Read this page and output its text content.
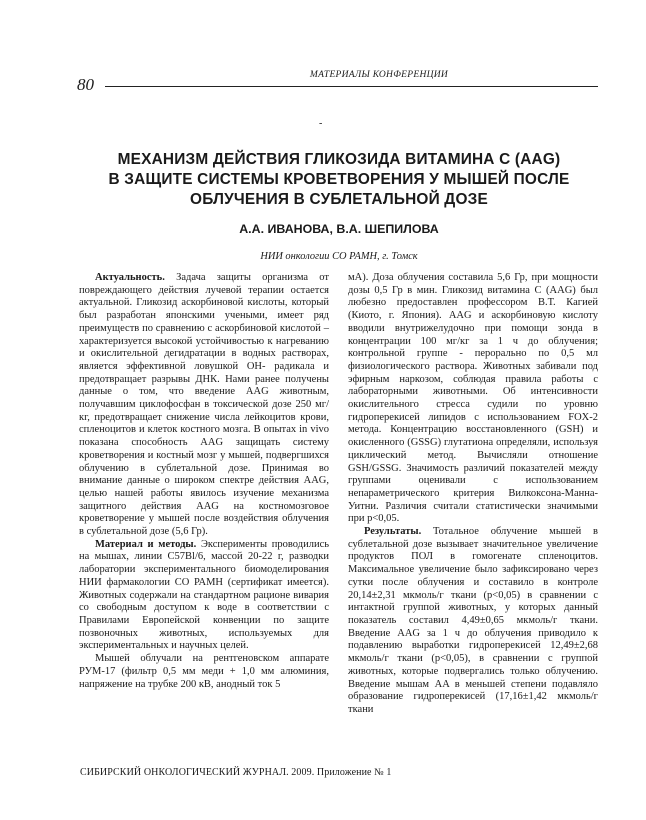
80	МАТЕРИАЛЫ КОНФЕРЕНЦИИ
-
МЕХАНИЗМ ДЕЙСТВИЯ ГЛИКОЗИДА ВИТАМИНА С (AAG)
В ЗАЩИТЕ СИСТЕМЫ КРОВЕТВОРЕНИЯ У МЫШЕЙ ПОСЛЕ
ОБЛУЧЕНИЯ В СУБЛЕТАЛЬНОЙ ДОЗЕ
А.А. ИВАНОВА, В.А. ШЕПИЛОВА
НИИ онкологии СО РАМН, г. Томск

Актуальность. Задача защиты организма от повреждающего действия лучевой терапии остается актуальной. Гликозид аскорбиновой кислоты, который был разработан японскими учеными, имеет ряд преимуществ по сравнению с аскорбиновой кислотой – характеризуется высокой устойчивостью к нагреванию и окислительной дегидратации в водных растворах, является эффективной ловушкой ОН- радикала и предотвращает разрывы ДНК. Нами ранее получены данные о том, что введение AAG животным, получавшим циклофосфан в токсической дозе 250 мг/кг, предотвращает снижение числа лейкоцитов крови, спленоцитов и клеток костного мозга. В опытах in vivo показана способность AAG защищать систему кроветворения и костный мозг у мышей, подвергшихся облучению в сублетальной дозе. Принимая во внимание данные о широком спектре действия AAG, целью нашей работы явилось изучение механизма защитного действия AAG на костномозговое кроветворение у мышей после воздействия облучения в сублетальной дозе (5,6 Гр).

Материал и методы. Эксперименты проводились на мышах, линии C57Bl/6, массой 20-22 г, разводки лаборатории экспериментального биомоделирования НИИ фармакологии СО РАМН (сертификат имеется). Животных содержали на стандартном рационе вивария со свободным доступом к воде в соответствии с Правилами Европейской конвенции по защите позвоночных животных, используемых для экспериментальных и научных целей.

Мышей облучали на рентгеновском аппарате РУМ-17 (фильтр 0,5 мм меди + 1,0 мм алюминия, напряжение на трубке 200 кВ, анодный ток 5

мА). Доза облучения составила 5,6 Гр, при мощности дозы 0,5 Гр в мин. Гликозид витамина С (AAG) был любезно предоставлен профессором В.Т. Кагией (Киото, г. Япония). AAG и аскорбиновую кислоту вводили внутрижелудочно при помощи зонда в концентрации 100 мг/кг за 1 ч до облучения; контрольной группе - перорально по 0,5 мл физиологического раствора. Животных забивали под эфирным наркозом, соблюдая правила работы с лабораторными животными. Об интенсивности окислительного стресса судили по уровню гидроперекисей липидов с использованием FOX-2 метода. Концентрацию восстановленного (GSH) и окисленного (GSSG) глутатиона определяли, используя циклический метод. Вычисляли отношение GSH/GSSG. Значимость различий показателей между группами оценивали с использованием непараметрического критерия Вилкоксона-Манна-Уитни. Различия считали статистически значимыми при p<0,05.

Результаты. Тотальное облучение мышей в сублетальной дозе вызывает значительное увеличение продуктов ПОЛ в гомогенате спленоцитов. Максимальное увеличение было зафиксировано через сутки после облучения и составило в контроле 20,14±2,31 мкмоль/г ткани (p<0,05) в сравнении с интактной группой животных, у которых данный показатель составил 4,49±0,65 мкмоль/г ткани. Введение AAG за 1 ч до облучения приводило к подавлению выработки гидроперекисей 12,49±2,68 мкмоль/г ткани (p<0,05), в сравнении с группой животных, которые подвергались только облучению. Введение мышам AA в меньшей степени подавляло образование гидроперекисей (17,16±1,42 мкмоль/г ткани

СИБИРСКИЙ ОНКОЛОГИЧЕСКИЙ ЖУРНАЛ. 2009. Приложение № 1
